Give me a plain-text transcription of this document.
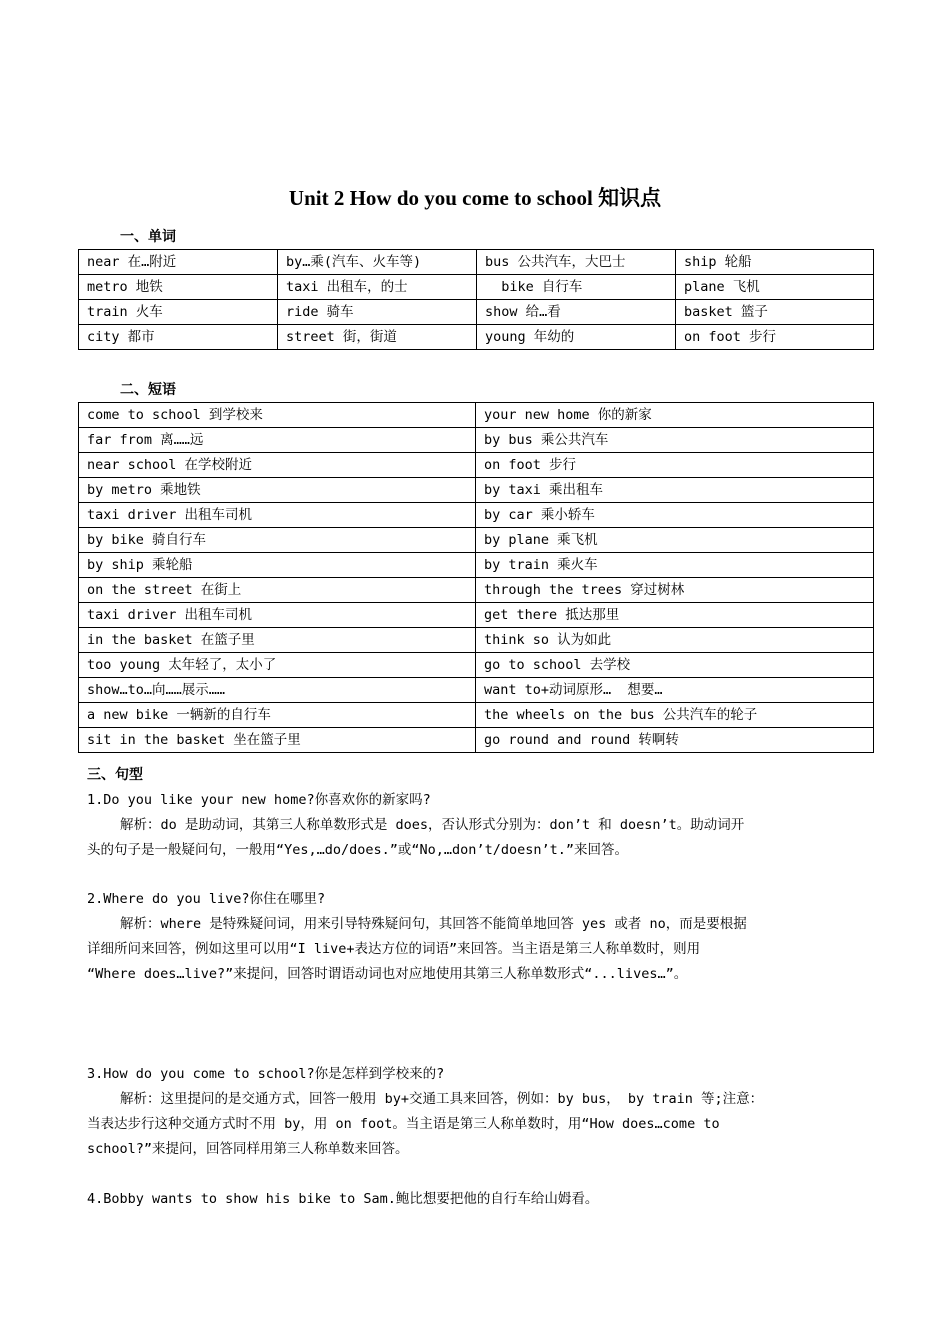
Unit 2 How do you come to school 知识点
一、单词
near 在…附近	by…乘(汽车、火车等)	bus 公共汽车，大巴士	ship 轮船
metro 地铁	taxi 出租车，的士	bike 自行车	plane 飞机
train 火车	ride 骑车	show 给…看	basket 篮子
city 都市	street 街，街道	young 年幼的	on foot 步行
二、短语
come to school 到学校来	your new home 你的新家
far from 离……远	by bus 乘公共汽车
near school 在学校附近	on foot 步行
by metro 乘地铁	by taxi 乘出租车
taxi driver 出租车司机	by car 乘小轿车
by bike 骑自行车	by plane 乘飞机
by ship 乘轮船	by train 乘火车
on the street 在街上	through the trees 穿过树林
taxi driver 出租车司机	get there 抵达那里
in the basket 在篮子里	think so 认为如此
too young 太年轻了，太小了	go to school 去学校
show…to…向……展示……	want to+动词原形…  想要…
a new bike 一辆新的自行车	the wheels on the bus 公共汽车的轮子
sit in the basket 坐在篮子里	go round and round 转啊转
三、句型
1.Do you like your new home?你喜欢你的新家吗?
解析：do 是助动词，其第三人称单数形式是 does，否认形式分别为：don’t 和 doesn’t。助动词开
头的句子是一般疑问句，一般用“Yes,…do/does.”或“No,…don’t/doesn’t.”来回答。
2.Where do you live?你住在哪里?
解析：where 是特殊疑问词，用来引导特殊疑问句，其回答不能简单地回答 yes 或者 no，而是要根据
详细所问来回答，例如这里可以用“I live+表达方位的词语”来回答。当主语是第三人称单数时，则用
“Where does…live?”来提问，回答时谓语动词也对应地使用其第三人称单数形式“...lives…”。
3.How do you come to school?你是怎样到学校来的?
解析：这里提问的是交通方式，回答一般用 by+交通工具来回答，例如：by bus， by train 等;注意：
当表达步行这种交通方式时不用 by，用 on foot。当主语是第三人称单数时，用“How does…come to
school?”来提问，回答同样用第三人称单数来回答。
4.Bobby wants to show his bike to Sam.鲍比想要把他的自行车给山姆看。
